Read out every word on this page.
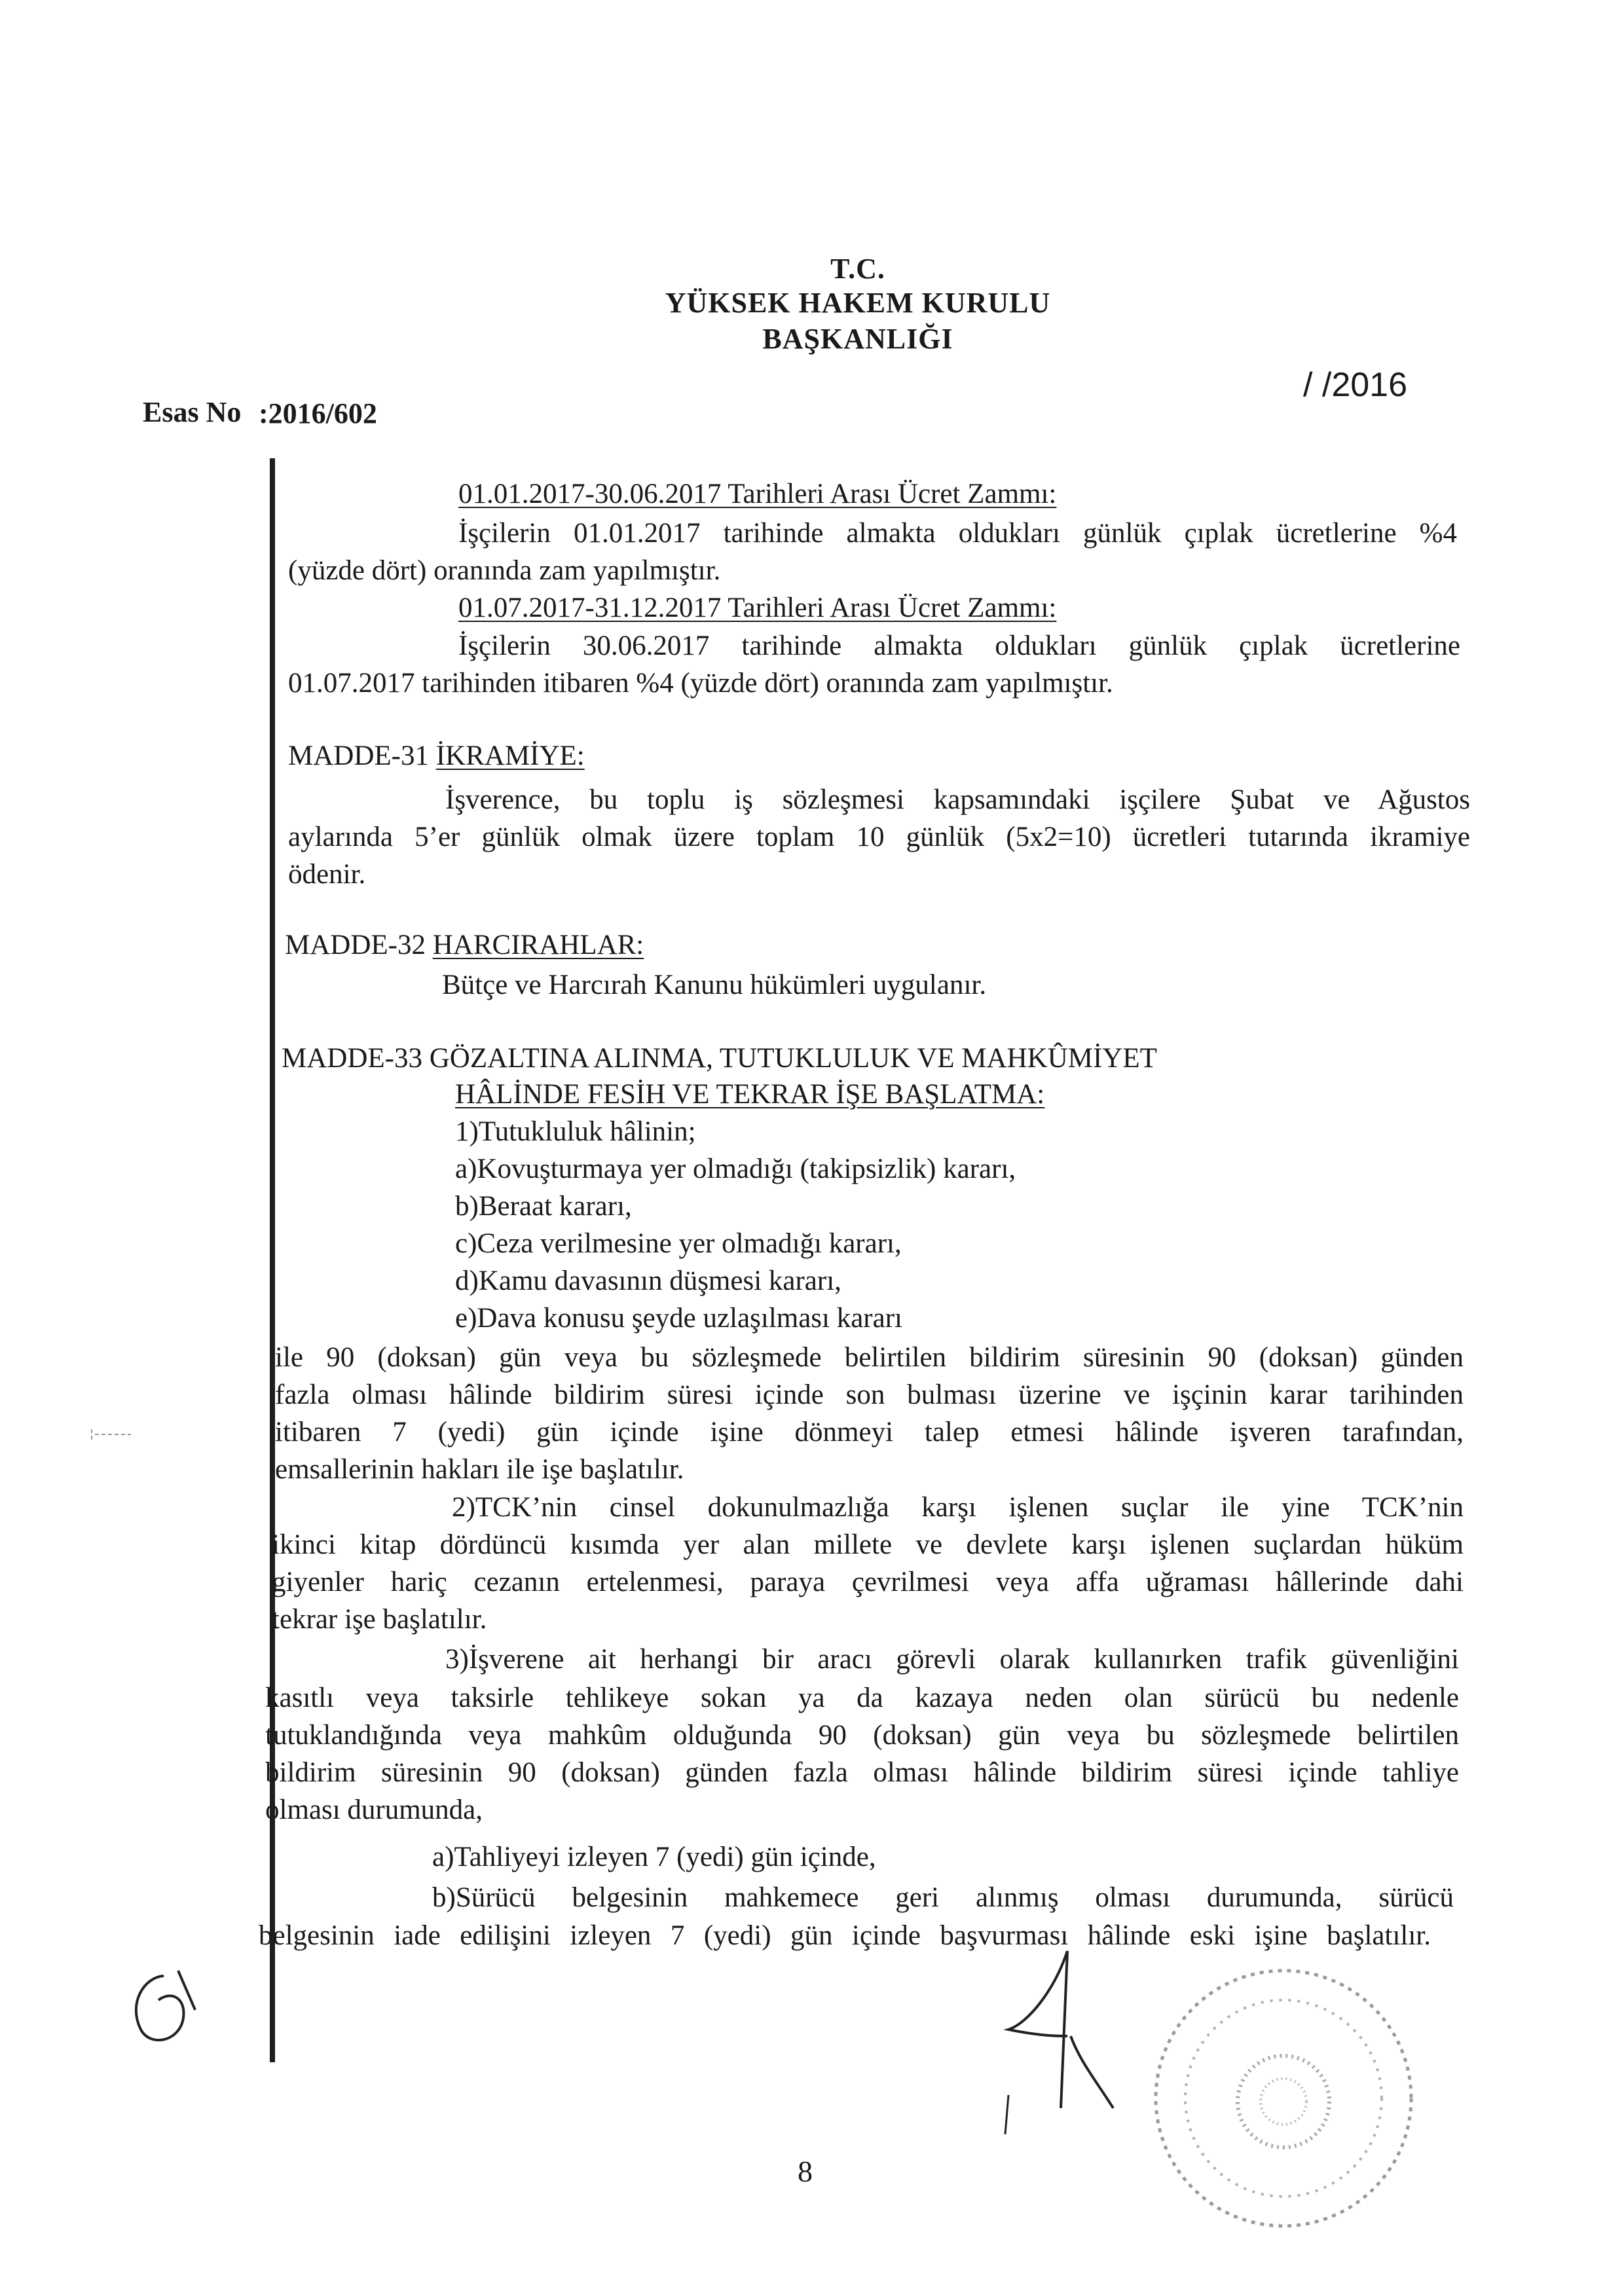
T.C.
YÜKSEK HAKEM KURULU
BAŞKANLIĞI
/ /2016
Esas No :2016/602
01.01.2017-30.06.2017 Tarihleri Arası Ücret Zammı:
İşçilerin 01.01.2017 tarihinde almakta oldukları günlük çıplak ücretlerine %4
(yüzde dört) oranında zam yapılmıştır.
01.07.2017-31.12.2017 Tarihleri Arası Ücret Zammı:
İşçilerin 30.06.2017 tarihinde almakta oldukları günlük çıplak ücretlerine
01.07.2017 tarihinden itibaren %4 (yüzde dört) oranında zam yapılmıştır.
MADDE-31 İKRAMİYE:
İşverence, bu toplu iş sözleşmesi kapsamındaki işçilere Şubat ve Ağustos
aylarında 5’er günlük olmak üzere toplam 10 günlük (5x2=10) ücretleri tutarında ikramiye
ödenir.
MADDE-32 HARCIRAHLAR:
Bütçe ve Harcırah Kanunu hükümleri uygulanır.
MADDE-33 GÖZALTINA ALINMA, TUTUKLULUK VE MAHKÛMİYET
HÂLİNDE FESİH VE TEKRAR İŞE BAŞLATMA:
1)Tutukluluk hâlinin;
a)Kovuşturmaya yer olmadığı (takipsizlik) kararı,
b)Beraat kararı,
c)Ceza verilmesine yer olmadığı kararı,
d)Kamu davasının düşmesi kararı,
e)Dava konusu şeyde uzlaşılması kararı
ile 90 (doksan) gün veya bu sözleşmede belirtilen bildirim süresinin 90 (doksan) günden
fazla olması hâlinde bildirim süresi içinde son bulması üzerine ve işçinin karar tarihinden
itibaren 7 (yedi) gün içinde işine dönmeyi talep etmesi hâlinde işveren tarafından,
emsallerinin hakları ile işe başlatılır.
2)TCK’nin cinsel dokunulmazlığa karşı işlenen suçlar ile yine TCK’nin
ikinci kitap dördüncü kısımda yer alan millete ve devlete karşı işlenen suçlardan hüküm
giyenler hariç cezanın ertelenmesi, paraya çevrilmesi veya affa uğraması hâllerinde dahi
tekrar işe başlatılır.
3)İşverene ait herhangi bir aracı görevli olarak kullanırken trafik güvenliğini
kasıtlı veya taksirle tehlikeye sokan ya da kazaya neden olan sürücü bu nedenle
tutuklandığında veya mahkûm olduğunda 90 (doksan) gün veya bu sözleşmede belirtilen
bildirim süresinin 90 (doksan) günden fazla olması hâlinde bildirim süresi içinde tahliye
olması durumunda,
a)Tahliyeyi izleyen 7 (yedi) gün içinde,
b)Sürücü belgesinin mahkemece geri alınmış olması durumunda, sürücü
belgesinin iade edilişini izleyen 7 (yedi) gün içinde başvurması hâlinde eski işine başlatılır.
8
